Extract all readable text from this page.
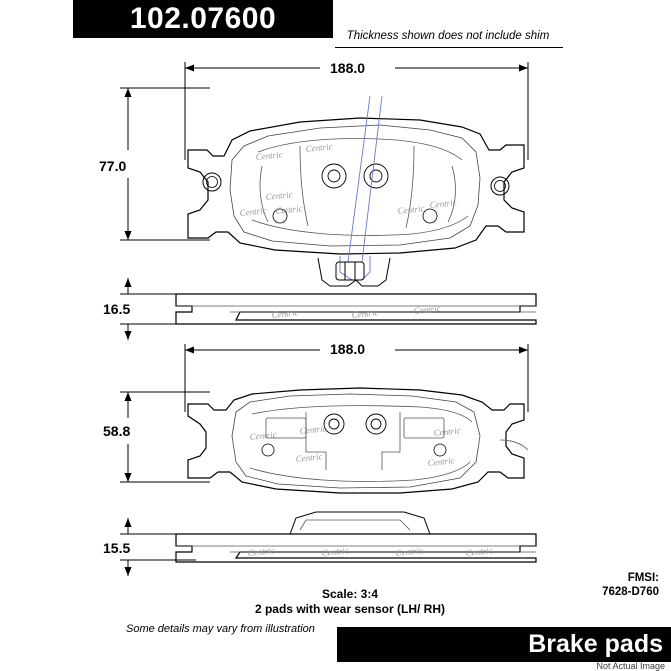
102.07600
Thickness shown does not include shim
188.0
77.0
16.5
188.0
58.8
15.5
Scale: 3:4
2 pads with wear sensor (LH/ RH)
FMSI:
7628-D760
Some details may vary from illustration
Brake pads
Not Actual Image
Centric
Centric
Centric
Centric Centric	Centric Centric
Centric	Centric	Centric
Centric Centric
Centric
Centric
Centric
Centric	Centric	Centric	Centric
